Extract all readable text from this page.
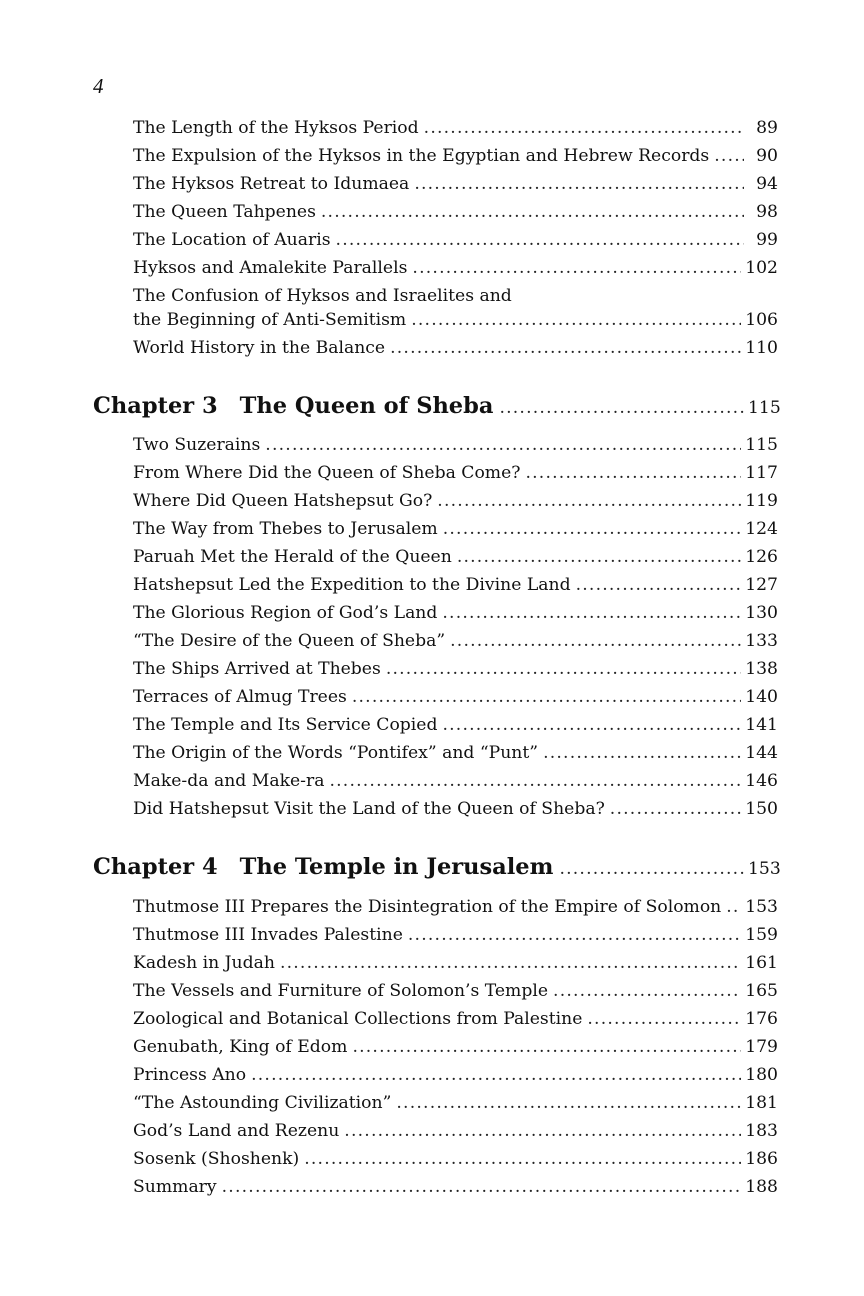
4
The Length of the Hyksos Period .....	89
The Expulsion of the Hyksos in the Egyptian and Hebrew Records .....	90
The Hyksos Retreat to Idumaea .....	94
The Queen Tahpenes .....	98
The Location of Auaris .....	99
Hyksos and Amalekite Parallels .....	102
The Confusion of Hyksos and Israelites and
the Beginning of Anti-Semitism .....	106
World History in the Balance .....	110
Chapter 3 The Queen of Sheba .....	115
Two Suzerains .....	115
From Where Did the Queen of Sheba Come? .....	117
Where Did Queen Hatshepsut Go? .....	119
The Way from Thebes to Jerusalem .....	124
Paruah Met the Herald of the Queen .....	126
Hatshepsut Led the Expedition to the Divine Land .....	127
The Glorious Region of God’s Land .....	130
“The Desire of the Queen of Sheba” .....	133
The Ships Arrived at Thebes .....	138
Terraces of Almug Trees .....	140
The Temple and Its Service Copied .....	141
The Origin of the Words “Pontifex” and “Punt” .....	144
Make-da and Make-ra .....	146
Did Hatshepsut Visit the Land of the Queen of Sheba? .....	150
Chapter 4 The Temple in Jerusalem .....	153
Thutmose III Prepares the Disintegration of the Empire of Solomon ..... 153
Thutmose III Invades Palestine .....	159
Kadesh in Judah .....	161
The Vessels and Furniture of Solomon’s Temple .....	165
Zoological and Botanical Collections from Palestine .....	176
Genubath, King of Edom .....	179
Princess Ano .....	180
“The Astounding Civilization” .....	181
God’s Land and Rezenu .....	183
Sosenk (Shoshenk) .....	186
Summary .....	188
